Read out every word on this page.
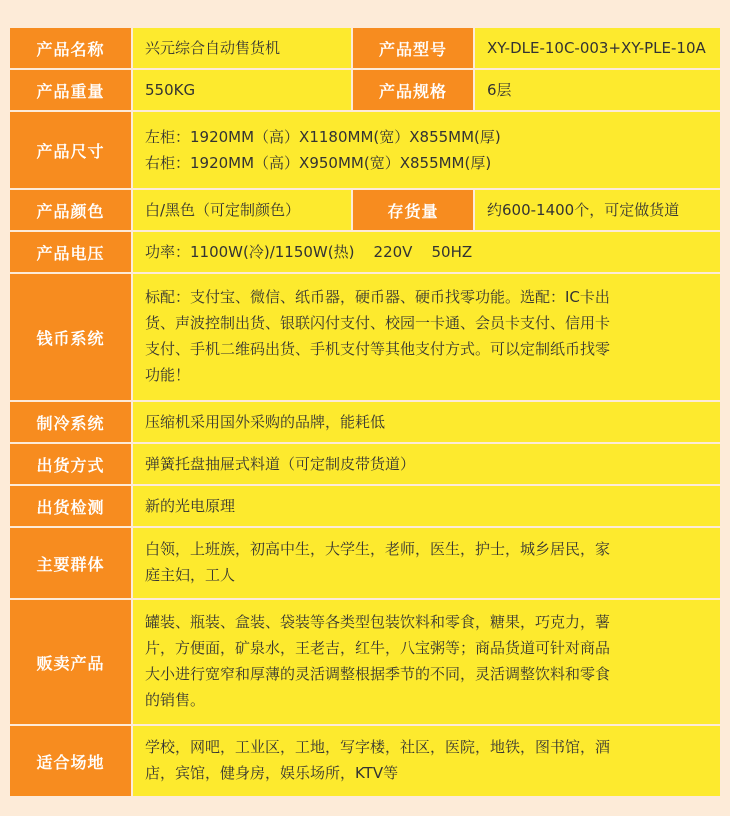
产品名称	兴元综合自动售货机	产品型号	XY-DLE-10C-003+XY-PLE-10A
产品重量	550KG	产品规格	6层
产品尺寸	左柜：1920MM（高）X1180MM(宽）X855MM(厚)
右柜：1920MM（高）X950MM(宽）X855MM(厚)		

产品颜色	白/黑色（可定制颜色）	存货量	约600-1400个，可定做货道
产品电压	功率：1100W(冷)/1150W(热)    220V    50HZ		
钱币系统	标配：支付宝、微信、纸币器，硬币器、硬币找零功能。选配：IC卡出
货、声波控制出货、银联闪付支付、校园一卡通、会员卡支付、信用卡
支付、手机二维码出货、手机支付等其他支付方式。可以定制纸币找零
功能！		

制冷系统	压缩机采用国外采购的品牌，能耗低		
出货方式	弹簧托盘抽屉式料道（可定制皮带货道）		
出货检测	新的光电原理		
主要群体	白领，上班族，初高中生，大学生，老师，医生，护士，城乡居民，家
庭主妇，工人		

贩卖产品	罐装、瓶装、盒装、袋装等各类型包装饮料和零食，糖果，巧克力，薯
片，方便面，矿泉水，王老吉，红牛，八宝粥等；商品货道可针对商品
大小进行宽窄和厚薄的灵活调整根据季节的不同，灵活调整饮料和零食
的销售。		

适合场地	学校，网吧，工业区，工地，写字楼，社区，医院，地铁，图书馆，酒
店，宾馆，健身房，娱乐场所，KTV等		
